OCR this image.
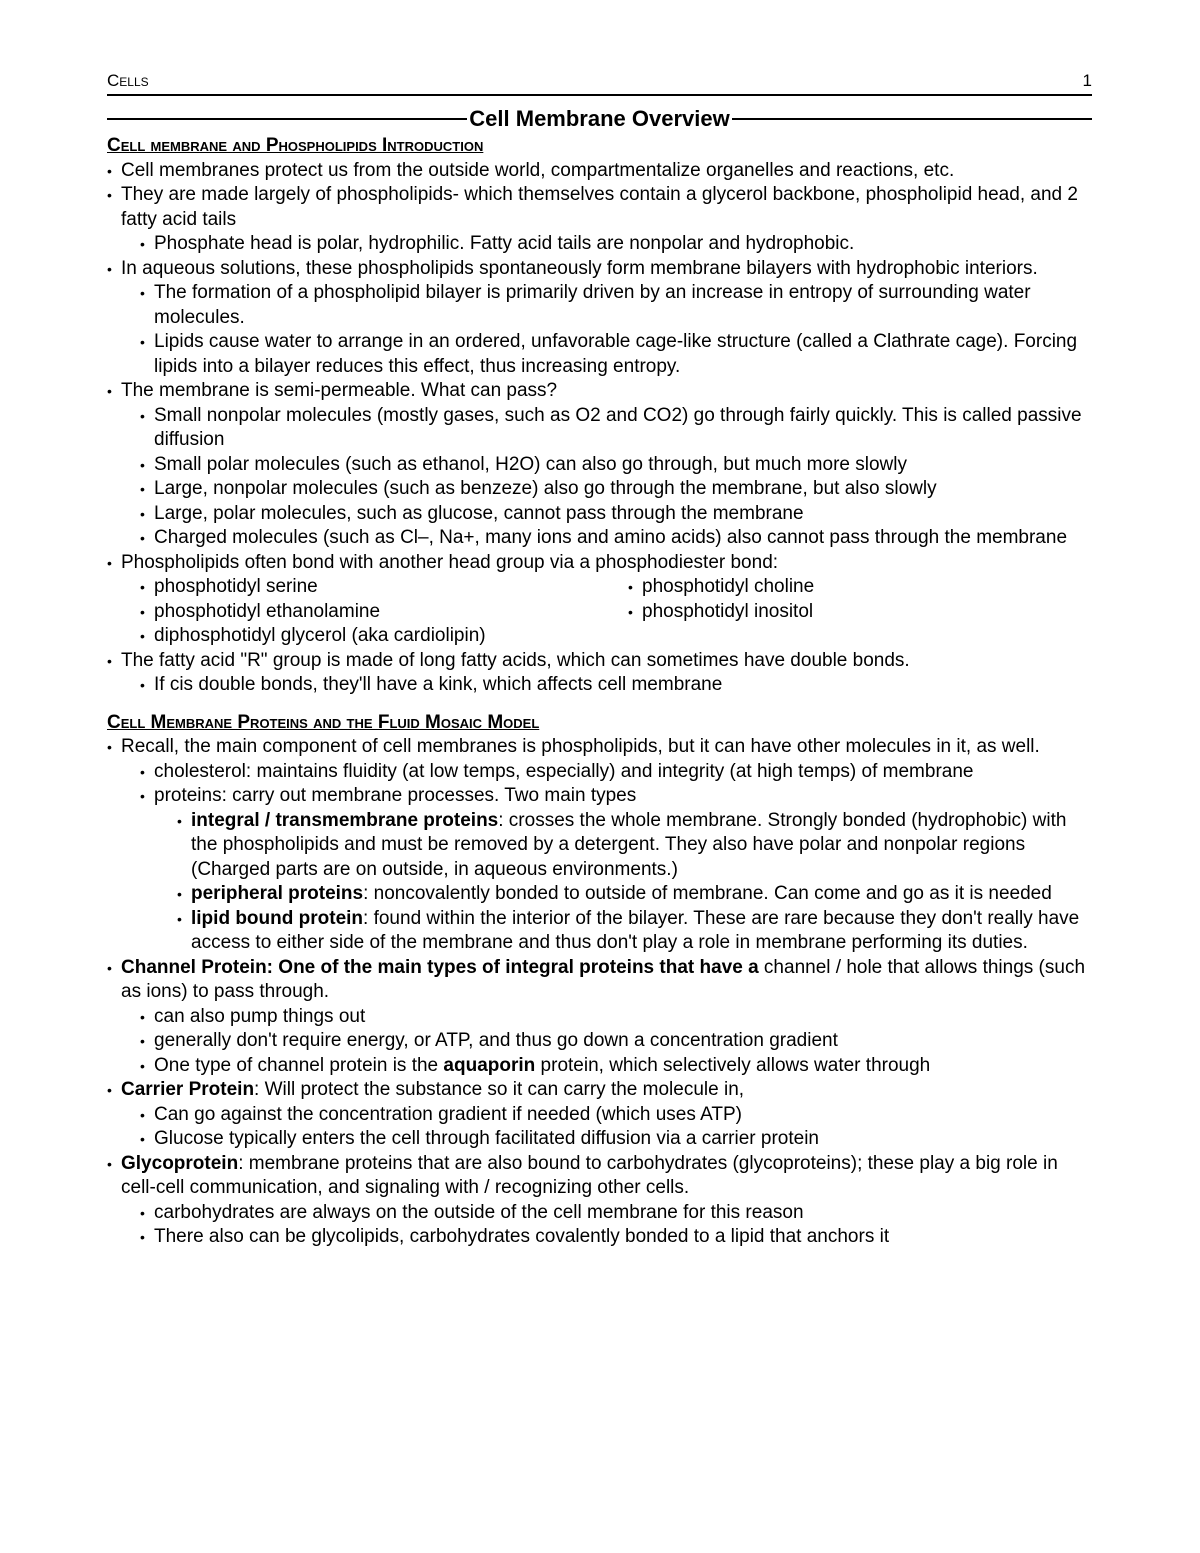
Cells	1
Cell Membrane Overview
Cell membrane and Phospholipids Introduction
• Cell membranes protect us from the outside world, compartmentalize organelles and reactions, etc.
• They are made largely of phospholipids- which themselves contain a glycerol backbone, phospholipid head, and 2 fatty acid tails
• Phosphate head is polar, hydrophilic. Fatty acid tails are nonpolar and hydrophobic.
• In aqueous solutions, these phospholipids spontaneously form membrane bilayers with hydrophobic interiors.
• The formation of a phospholipid bilayer is primarily driven by an increase in entropy of surrounding water molecules.
• Lipids cause water to arrange in an ordered, unfavorable cage-like structure (called a Clathrate cage). Forcing lipids into a bilayer reduces this effect, thus increasing entropy.
• The membrane is semi-permeable. What can pass?
• Small nonpolar molecules (mostly gases, such as O2 and CO2) go through fairly quickly. This is called passive diffusion
• Small polar molecules (such as ethanol, H2O) can also go through, but much more slowly
• Large, nonpolar molecules (such as benzeze) also go through the membrane, but also slowly
• Large, polar molecules, such as glucose, cannot pass through the membrane
• Charged molecules (such as Cl–, Na+, many ions and amino acids) also cannot pass through the membrane
• Phospholipids often bond with another head group via a phosphodiester bond:
• phosphotidyl serine	• phosphotidyl choline
• phosphotidyl ethanolamine	• phosphotidyl inositol
• diphosphotidyl glycerol (aka cardiolipin)
• The fatty acid "R" group is made of long fatty acids, which can sometimes have double bonds.
• If cis double bonds, they'll have a kink, which affects cell membrane
Cell Membrane Proteins and the Fluid Mosaic Model
• Recall, the main component of cell membranes is phospholipids, but it can have other molecules in it, as well.
• cholesterol: maintains fluidity (at low temps, especially) and integrity (at high temps) of membrane
• proteins: carry out membrane processes. Two main types
• integral / transmembrane proteins: crosses the whole membrane. Strongly bonded (hydrophobic) with the phospholipids and must be removed by a detergent. They also have polar and nonpolar regions (Charged parts are on outside, in aqueous environments.)
• peripheral proteins: noncovalently bonded to outside of membrane. Can come and go as it is needed
• lipid bound protein: found within the interior of the bilayer. These are rare because they don't really have access to either side of the membrane and thus don't play a role in membrane performing its duties.
• Channel Protein: One of the main types of integral proteins that have a channel / hole that allows things (such as ions) to pass through.
• can also pump things out
• generally don't require energy, or ATP, and thus go down a concentration gradient
• One type of channel protein is the aquaporin protein, which selectively allows water through
• Carrier Protein: Will protect the substance so it can carry the molecule in,
• Can go against the concentration gradient if needed (which uses ATP)
• Glucose typically enters the cell through facilitated diffusion via a carrier protein
• Glycoprotein: membrane proteins that are also bound to carbohydrates (glycoproteins); these play a big role in cell-cell communication, and signaling with / recognizing other cells.
• carbohydrates are always on the outside of the cell membrane for this reason
• There also can be glycolipids, carbohydrates covalently bonded to a lipid that anchors it
